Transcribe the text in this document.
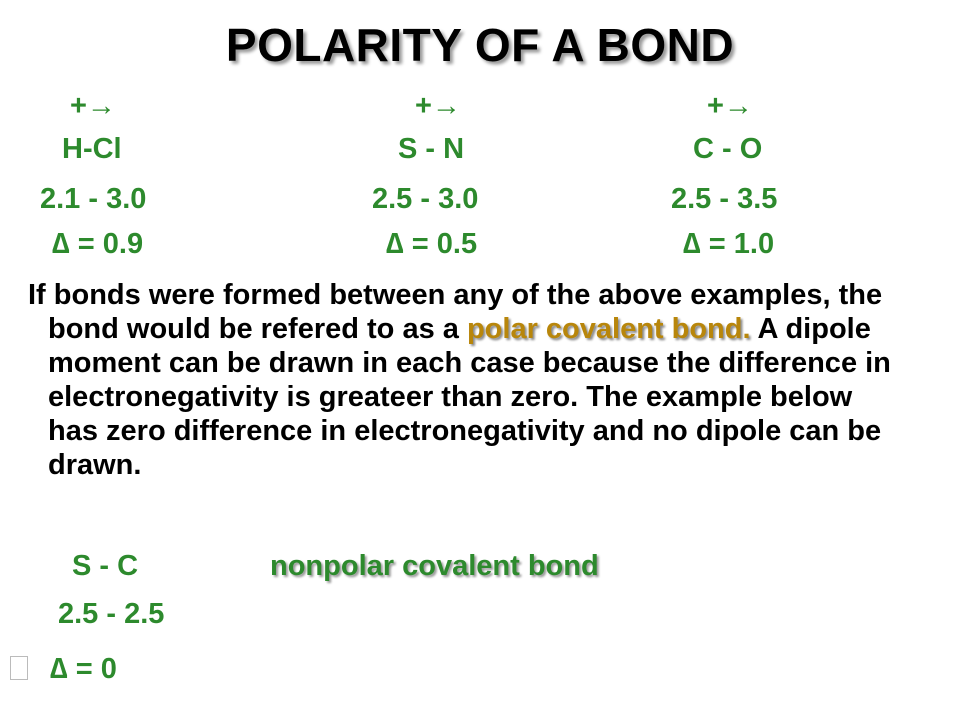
POLARITY OF A BOND
+→	+→	+→
H-Cl	S - N	C - O
2.1 - 3.0	2.5 - 3.0	2.5 - 3.5
∆ = 0.9	∆ = 0.5	∆ = 1.0
If bonds were formed between any of the above examples, the bond would be refered to as a polar covalent bond. A dipole moment can be drawn in each case because the difference in electronegativity is greateer than zero. The example below has zero difference in electronegativity and no dipole can be drawn.
S - C	nonpolar covalent bond
2.5 - 2.5
∆ = 0
